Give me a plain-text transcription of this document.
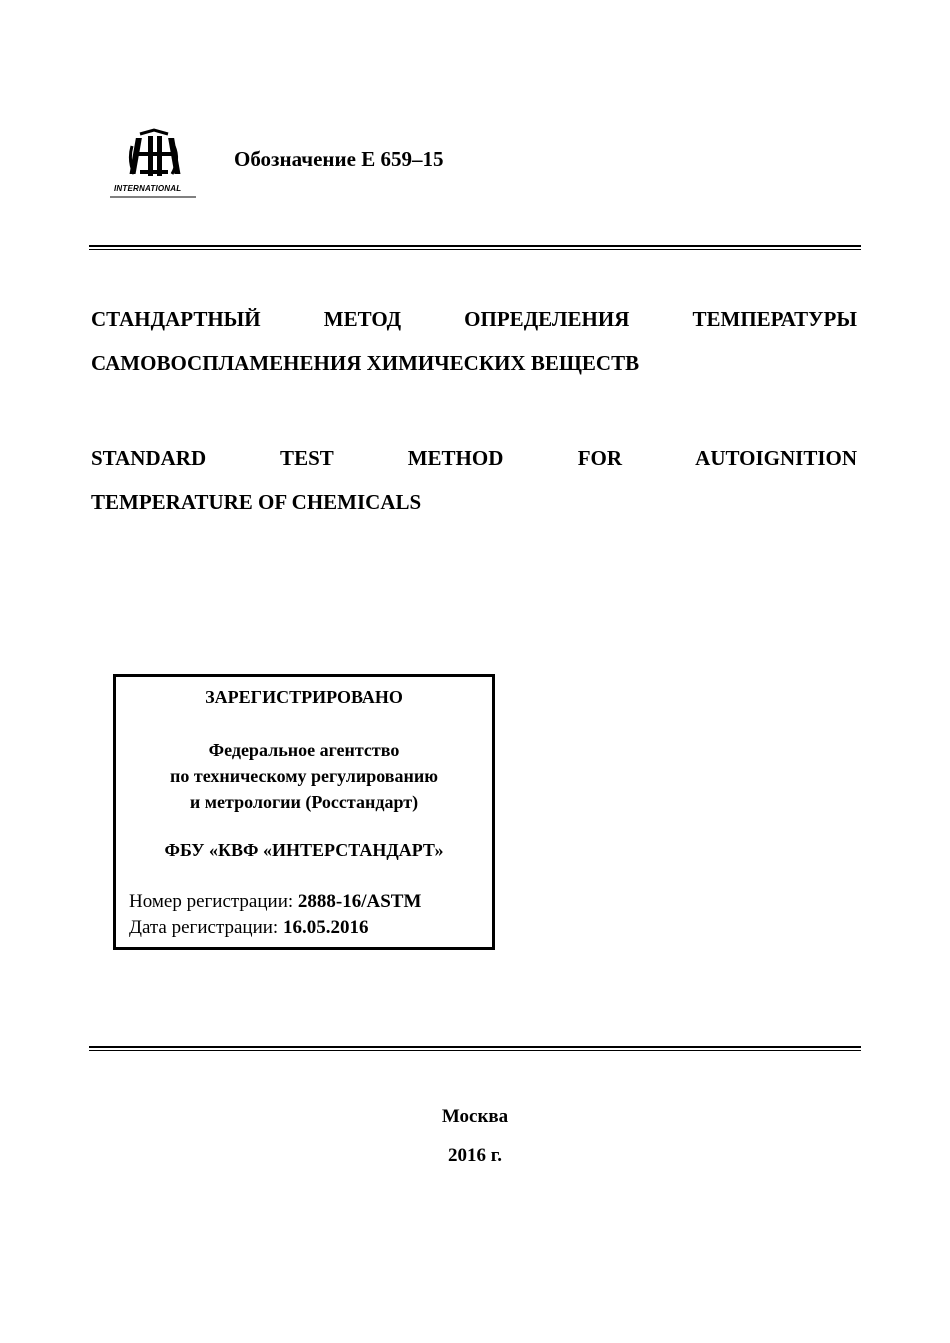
INTERNATIONAL
Обозначение Е 659–15
СТАНДАРТНЫЙ МЕТОД ОПРЕДЕЛЕНИЯ ТЕМПЕРАТУРЫ
САМОВОСПЛАМЕНЕНИЯ ХИМИЧЕСКИХ ВЕЩЕСТВ
STANDARD TEST METHOD FOR AUTOIGNITION
TEMPERATURE OF CHEMICALS
ЗАРЕГИСТРИРОВАНО
Федеральное агентство
по техническому регулированию
и метрологии (Росстандарт)
ФБУ «КВФ «ИНТЕРСТАНДАРТ»
Номер регистрации: 2888-16/ASTM
Дата регистрации: 16.05.2016
Москва
2016 г.
